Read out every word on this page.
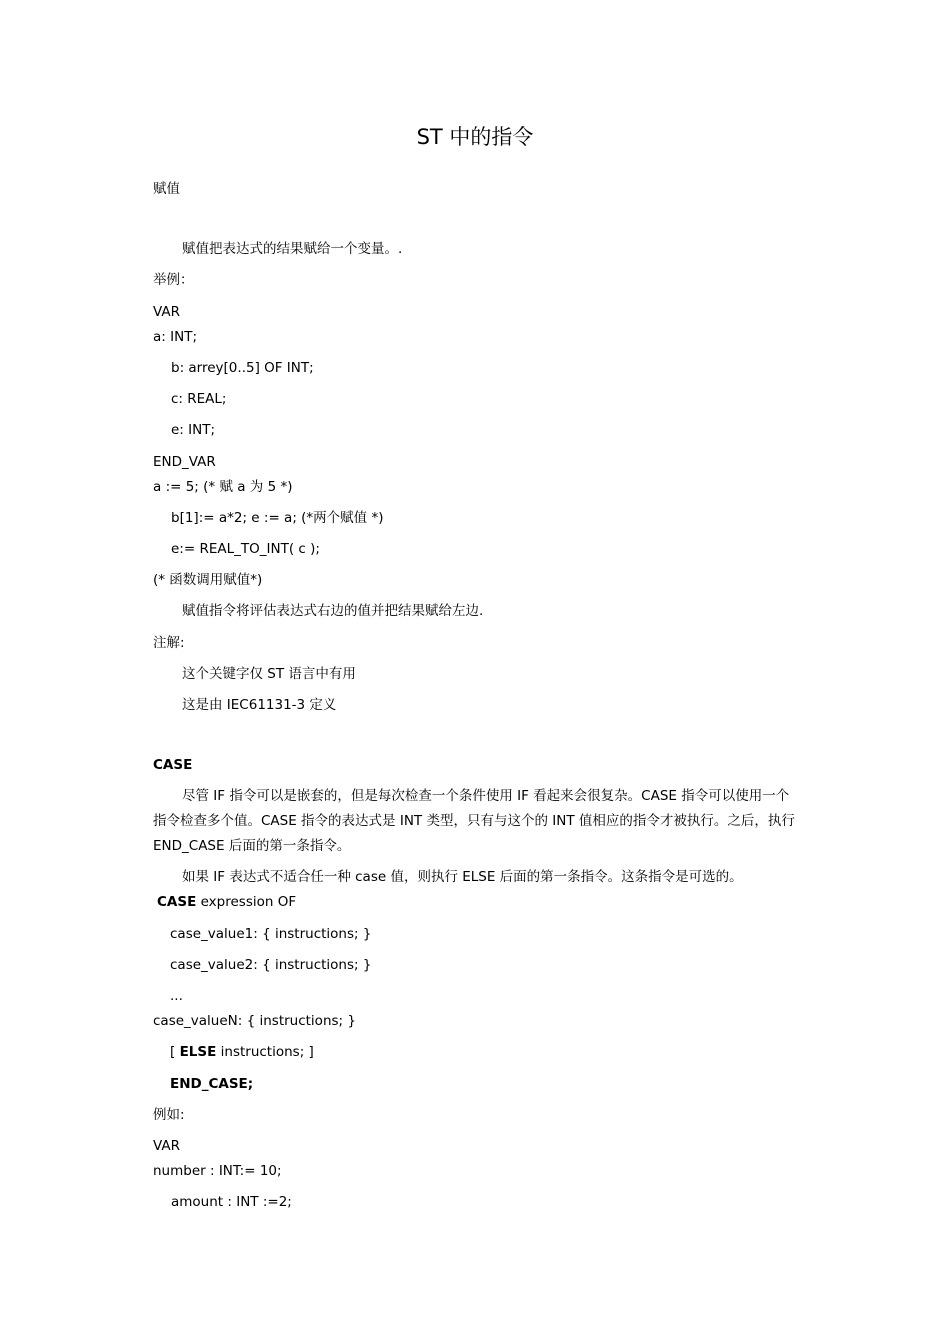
ST 中的指令
赋值
赋值把表达式的结果赋给一个变量。.
举例：
VAR
a: INT;
b: arrey[0..5] OF INT;
c: REAL;
e: INT;
END_VAR
a := 5; (* 赋 a 为 5 *)
b[1]:= a*2; e := a; (*两个赋值 *)
e:= REAL_TO_INT( c );
(* 函数调用赋值*)
赋值指令将评估表达式右边的值并把结果赋给左边.
注解:
这个关键字仅 ST 语言中有用
这是由 IEC61131-3 定义
CASE
尽管 IF 指令可以是嵌套的，但是每次检查一个条件使用 IF 看起来会很复杂。CASE 指令可以使用一个指令检查多个值。CASE 指令的表达式是 INT 类型，只有与这个的 INT 值相应的指令才被执行。之后，执行 END_CASE 后面的第一条指令。
如果 IF 表达式不适合任一种 case 值，则执行 ELSE 后面的第一条指令。这条指令是可选的。
CASE expression OF
case_value1: { instructions; }
case_value2: { instructions; }
...
case_valueN: { instructions; }
[ ELSE instructions; ]
END_CASE;
例如:
VAR
number : INT:= 10;
amount : INT :=2;
